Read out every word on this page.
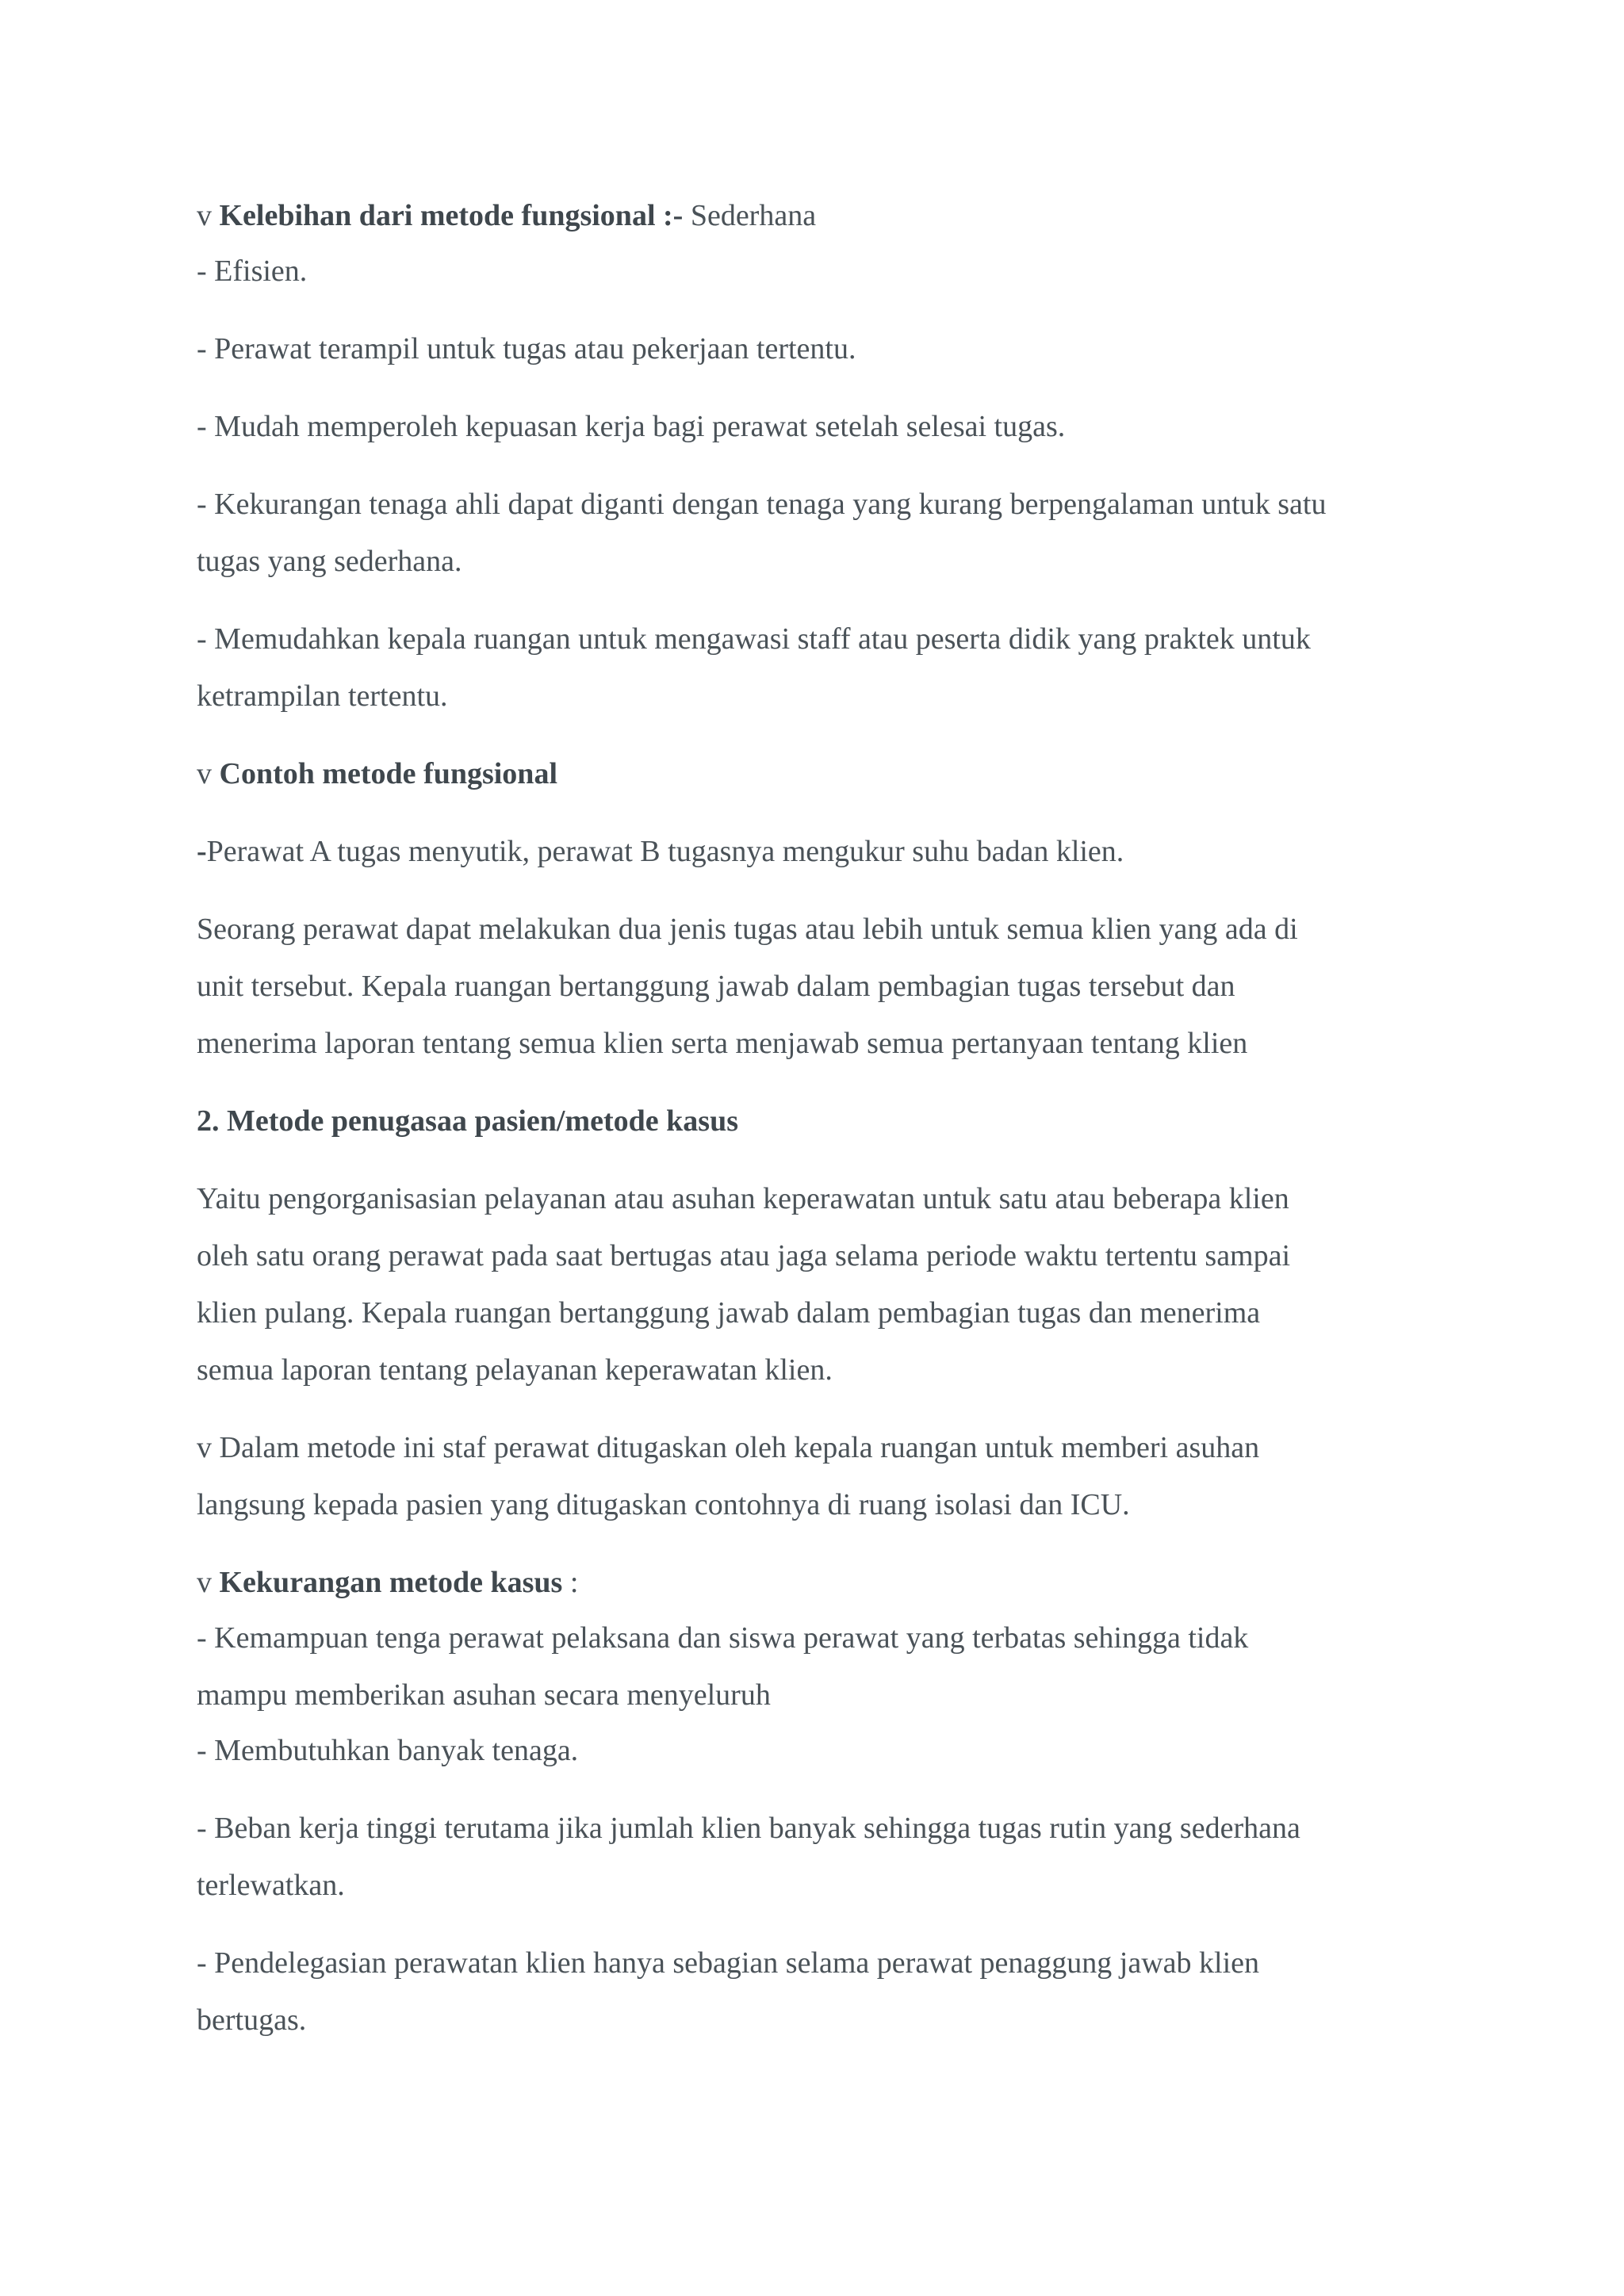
v Kelebihan dari metode fungsional :- Sederhana

- Efisien.

- Perawat terampil untuk tugas atau pekerjaan tertentu.

- Mudah memperoleh kepuasan kerja bagi perawat setelah selesai tugas.

- Kekurangan tenaga ahli dapat diganti dengan tenaga yang kurang berpengalaman untuk satu

tugas yang sederhana.

- Memudahkan kepala ruangan untuk mengawasi staff atau peserta didik yang praktek untuk

ketrampilan tertentu.

v Contoh metode fungsional

-Perawat A tugas menyutik, perawat B tugasnya mengukur suhu badan klien.

Seorang perawat dapat melakukan dua jenis tugas atau lebih untuk semua klien yang ada di

unit tersebut. Kepala ruangan bertanggung jawab dalam pembagian tugas tersebut dan

menerima laporan tentang semua klien serta menjawab semua pertanyaan tentang klien

2. Metode penugasaa pasien/metode kasus

Yaitu pengorganisasian pelayanan atau asuhan keperawatan untuk satu atau beberapa klien

oleh satu orang perawat pada saat bertugas atau jaga selama periode waktu tertentu sampai

klien pulang. Kepala ruangan bertanggung jawab dalam pembagian tugas dan menerima

semua laporan tentang pelayanan keperawatan klien.

v Dalam metode ini staf perawat ditugaskan oleh kepala ruangan untuk memberi asuhan

langsung kepada pasien yang ditugaskan contohnya di ruang isolasi dan ICU.

v Kekurangan metode kasus :

- Kemampuan tenga perawat pelaksana dan siswa perawat yang terbatas sehingga tidak

mampu memberikan asuhan secara menyeluruh

- Membutuhkan banyak tenaga.

- Beban kerja tinggi terutama jika jumlah klien banyak sehingga tugas rutin yang sederhana

terlewatkan.

- Pendelegasian perawatan klien hanya sebagian selama perawat penaggung jawab klien

bertugas.
